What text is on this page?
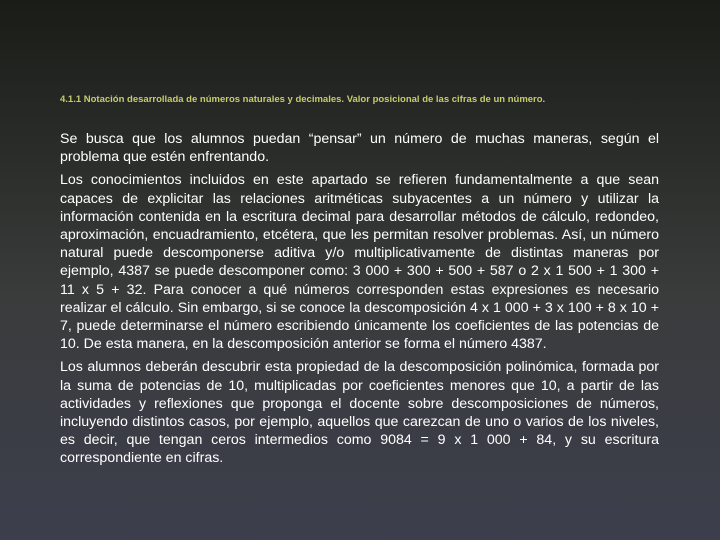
4.1.1 Notación desarrollada de números naturales y decimales. Valor posicional de las cifras de un número.

Se busca que los alumnos puedan “pensar” un número de muchas maneras, según el problema que estén enfrentando.

Los conocimientos incluidos en este apartado se refieren fundamentalmente a que sean capaces de explicitar las relaciones aritméticas subyacentes a un número y utilizar la información contenida en la escritura decimal para desarrollar métodos de cálculo, redondeo, aproximación, encuadramiento, etcétera, que les permitan resolver problemas. Así, un número natural puede descomponerse aditiva y/o multiplicativamente de distintas maneras por ejemplo, 4387 se puede descomponer como: 3 000 + 300 + 500 + 587 o 2 x 1 500 + 1 300 + 11 x 5 + 32. Para conocer a qué números corresponden estas expresiones es necesario realizar el cálculo. Sin embargo, si se conoce la descomposición 4 x 1 000 + 3 x 100 + 8 x 10 + 7, puede determinarse el número escribiendo únicamente los coeficientes de las potencias de 10. De esta manera, en la descomposición anterior se forma el número 4387.

Los alumnos deberán descubrir esta propiedad de la descomposición polinómica, formada por la suma de potencias de 10, multiplicadas por coeficientes menores que 10, a partir de las actividades y reflexiones que proponga el docente sobre descomposiciones de números, incluyendo distintos casos, por ejemplo, aquellos que carezcan de uno o varios de los niveles, es decir, que tengan ceros intermedios como 9084 = 9 x 1 000 + 84, y su escritura correspondiente en cifras.
